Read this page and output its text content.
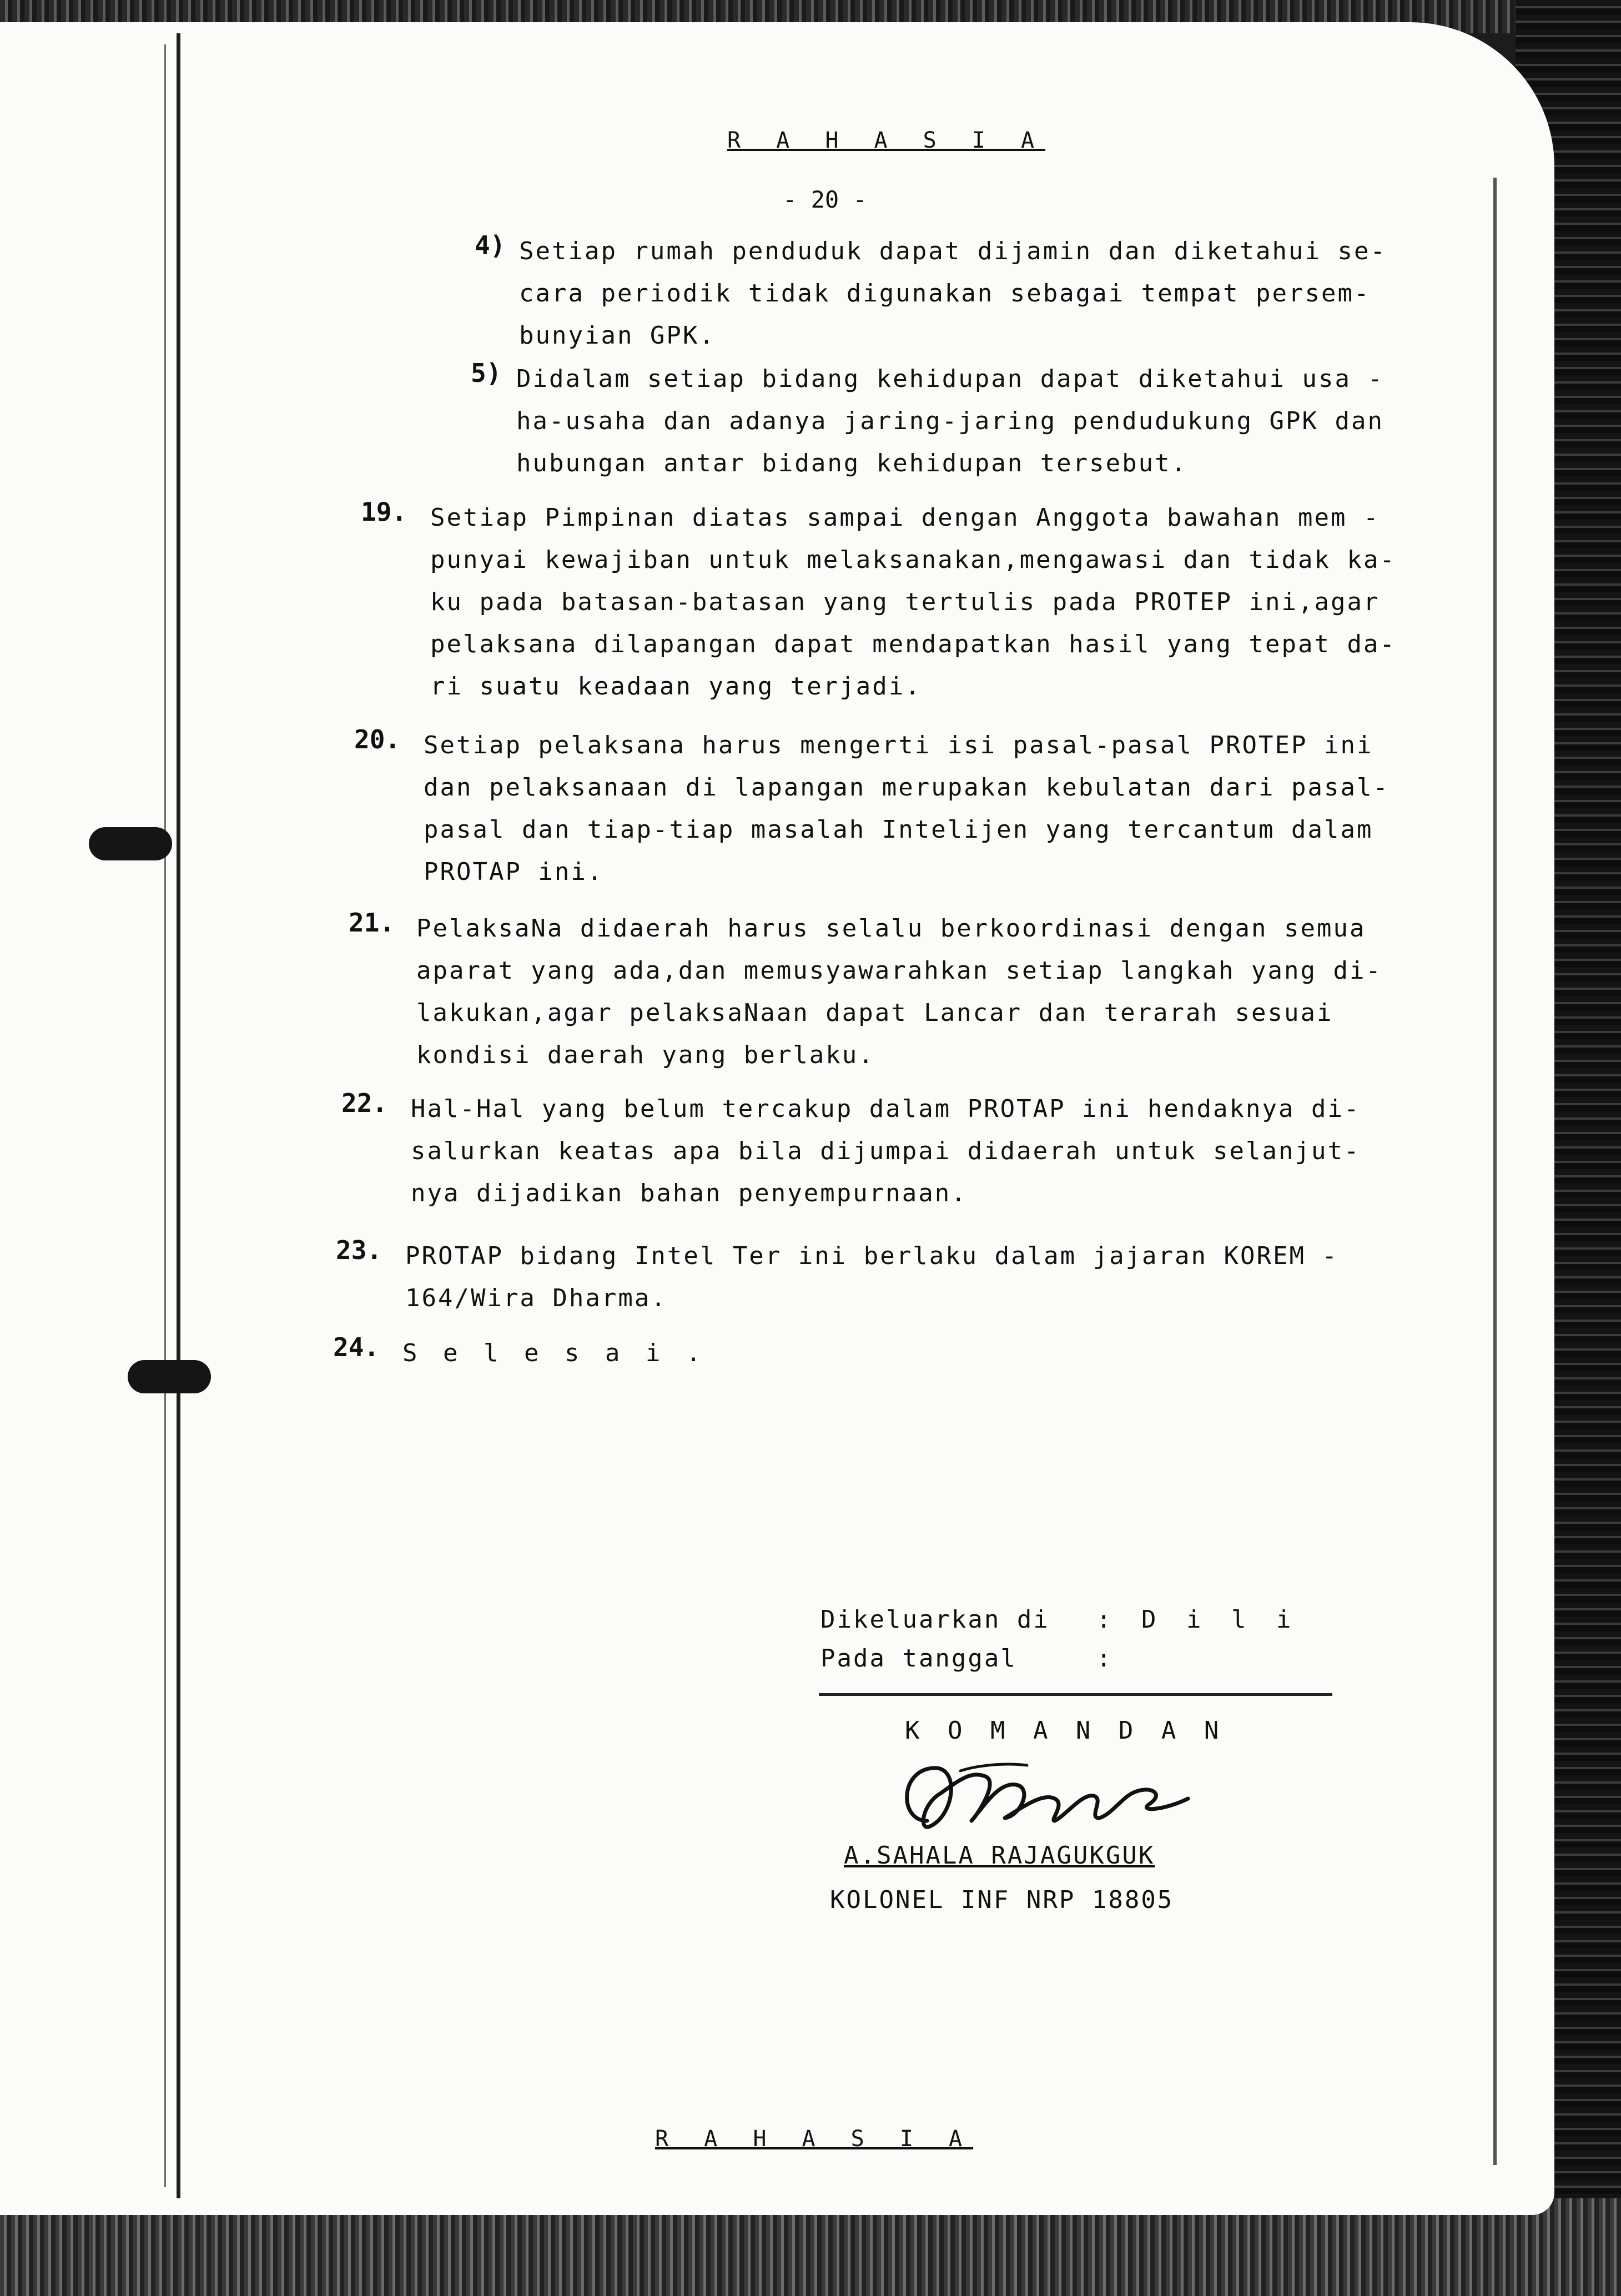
R A H A S I A
- 20 -
4) Setiap rumah penduduk dapat dijamin dan diketahui se-
cara periodik tidak digunakan sebagai tempat persem-
bunyian GPK.
5) Didalam setiap bidang kehidupan dapat diketahui usa -
ha-usaha dan adanya jaring-jaring pendudukung GPK dan
hubungan antar bidang kehidupan tersebut.
19. Setiap Pimpinan diatas sampai dengan Anggota bawahan mem -
punyai kewajiban untuk melaksanakan,mengawasi dan tidak ka-
ku pada batasan-batasan yang tertulis pada PROTEP ini,agar
pelaksana dilapangan dapat mendapatkan hasil yang tepat da-
ri suatu keadaan yang terjadi.
20. Setiap pelaksana harus mengerti isi pasal-pasal PROTEP ini
dan pelaksanaan di lapangan merupakan kebulatan dari pasal-
pasal dan tiap-tiap masalah Intelijen yang tercantum dalam
PROTAP ini.
21. PelaksaNa didaerah harus selalu berkoordinasi dengan semua
aparat yang ada,dan memusyawarahkan setiap langkah yang di-
lakukan,agar pelaksaNaan dapat Lancar dan terarah sesuai
kondisi daerah yang berlaku.
22. Hal-Hal yang belum tercakup dalam PROTAP ini hendaknya di-
salurkan keatas apa bila dijumpai didaerah untuk selanjut-
nya dijadikan bahan penyempurnaan.
23. PROTAP bidang Intel Ter ini berlaku dalam jajaran KOREM -
164/Wira Dharma.
24. S e l e s a i .
Dikeluarkan di : D i l i
Pada tanggal	:
K O M A N D A N
A.SAHALA RAJAGUKGUK
KOLONEL INF NRP 18805
R A H A S I A
